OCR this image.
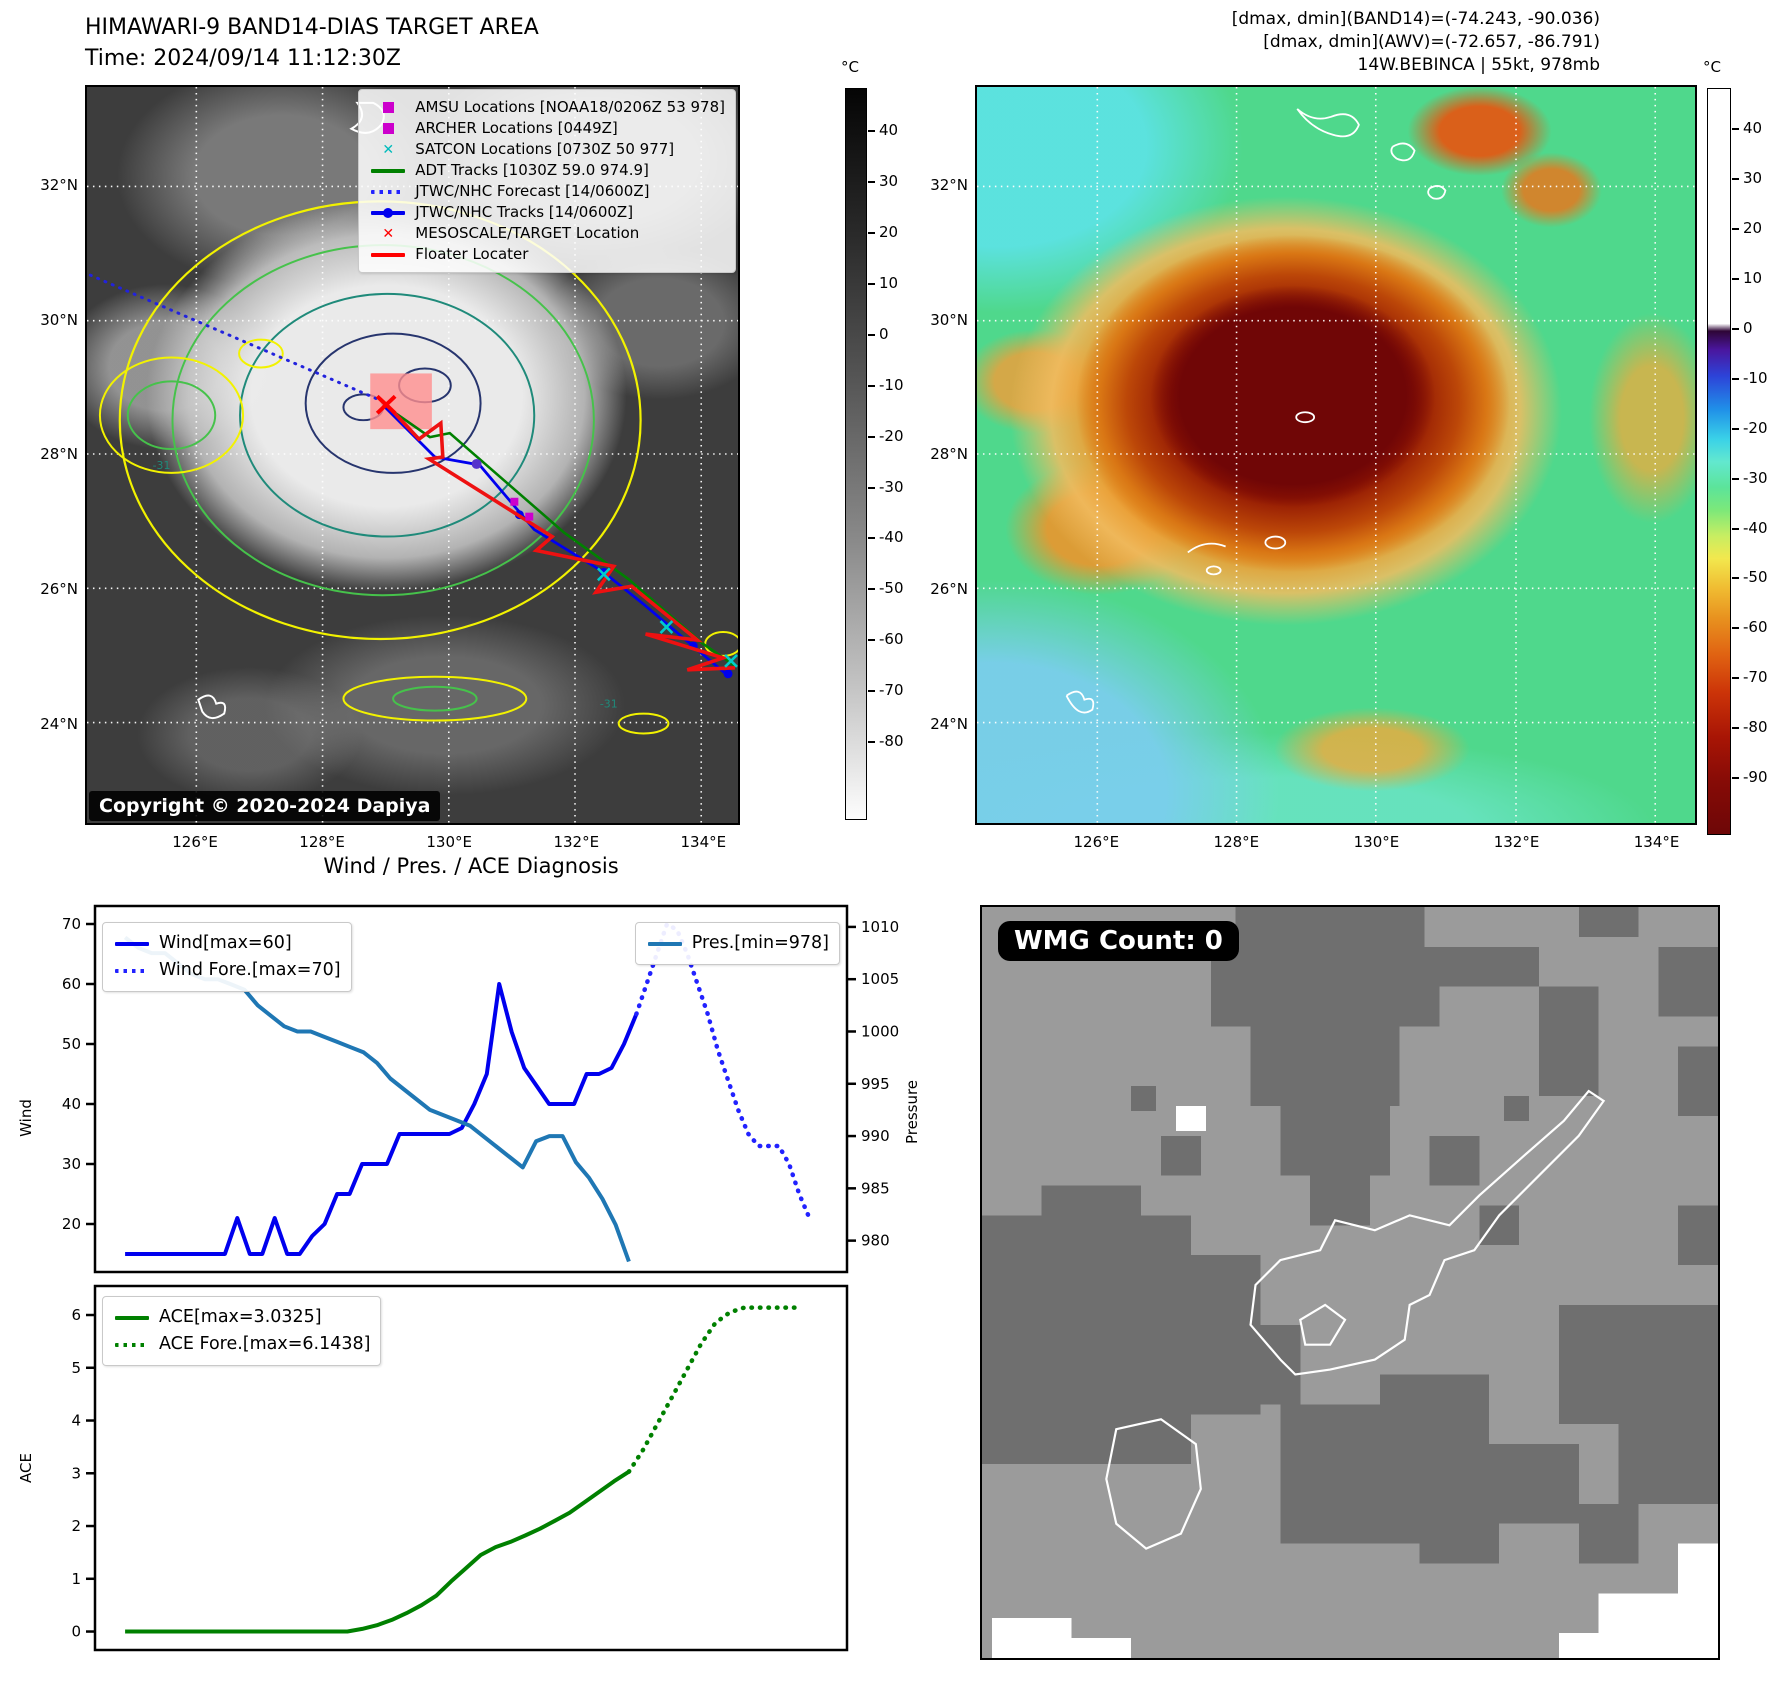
HIMAWARI-9 BAND14-DIAS TARGET AREA
Time: 2024/09/14 11:12:30Z
-31
-31
AMSU Locations [NOAA18/0206Z 53 978]
ARCHER Locations [0449Z]
✕ SATCON Locations [0730Z 50 977]
ADT Tracks [1030Z 59.0 974.9]
JTWC/NHC Forecast [14/0600Z]
JTWC/NHC Tracks [14/0600Z]
✕ MESOSCALE/TARGET Location
Floater Locater
Copyright © 2020-2024 Dapiya
32°N
30°N
28°N
26°N
24°N
126°E	128°E	130°E	132°E	134°E
°C
40
30
20
10
0
-10
-20
-30
-40
-50
-60
-70
-80
[dmax, dmin](BAND14)=(-74.243, -90.036)
[dmax, dmin](AWV)=(-72.657, -86.791)
14W.BEBINCA | 55kt, 978mb
32°N
30°N
28°N
26°N
24°N
126°E	128°E	130°E	132°E	134°E
°C
40
30
20
10
0
-10
-20
-30
-40
-50
-60
-70
-80
-90
Wind / Pres. / ACE Diagnosis
20
30
40
50
60
70
980
985
990
995
1000
1005
1010
0
1
2
3
4
5
6
Wind	Pressure
ACE
Wind[max=60]
Wind Fore.[max=70]
Pres.[min=978]
ACE[max=3.0325]
ACE Fore.[max=6.1438]
WMG Count: 0
